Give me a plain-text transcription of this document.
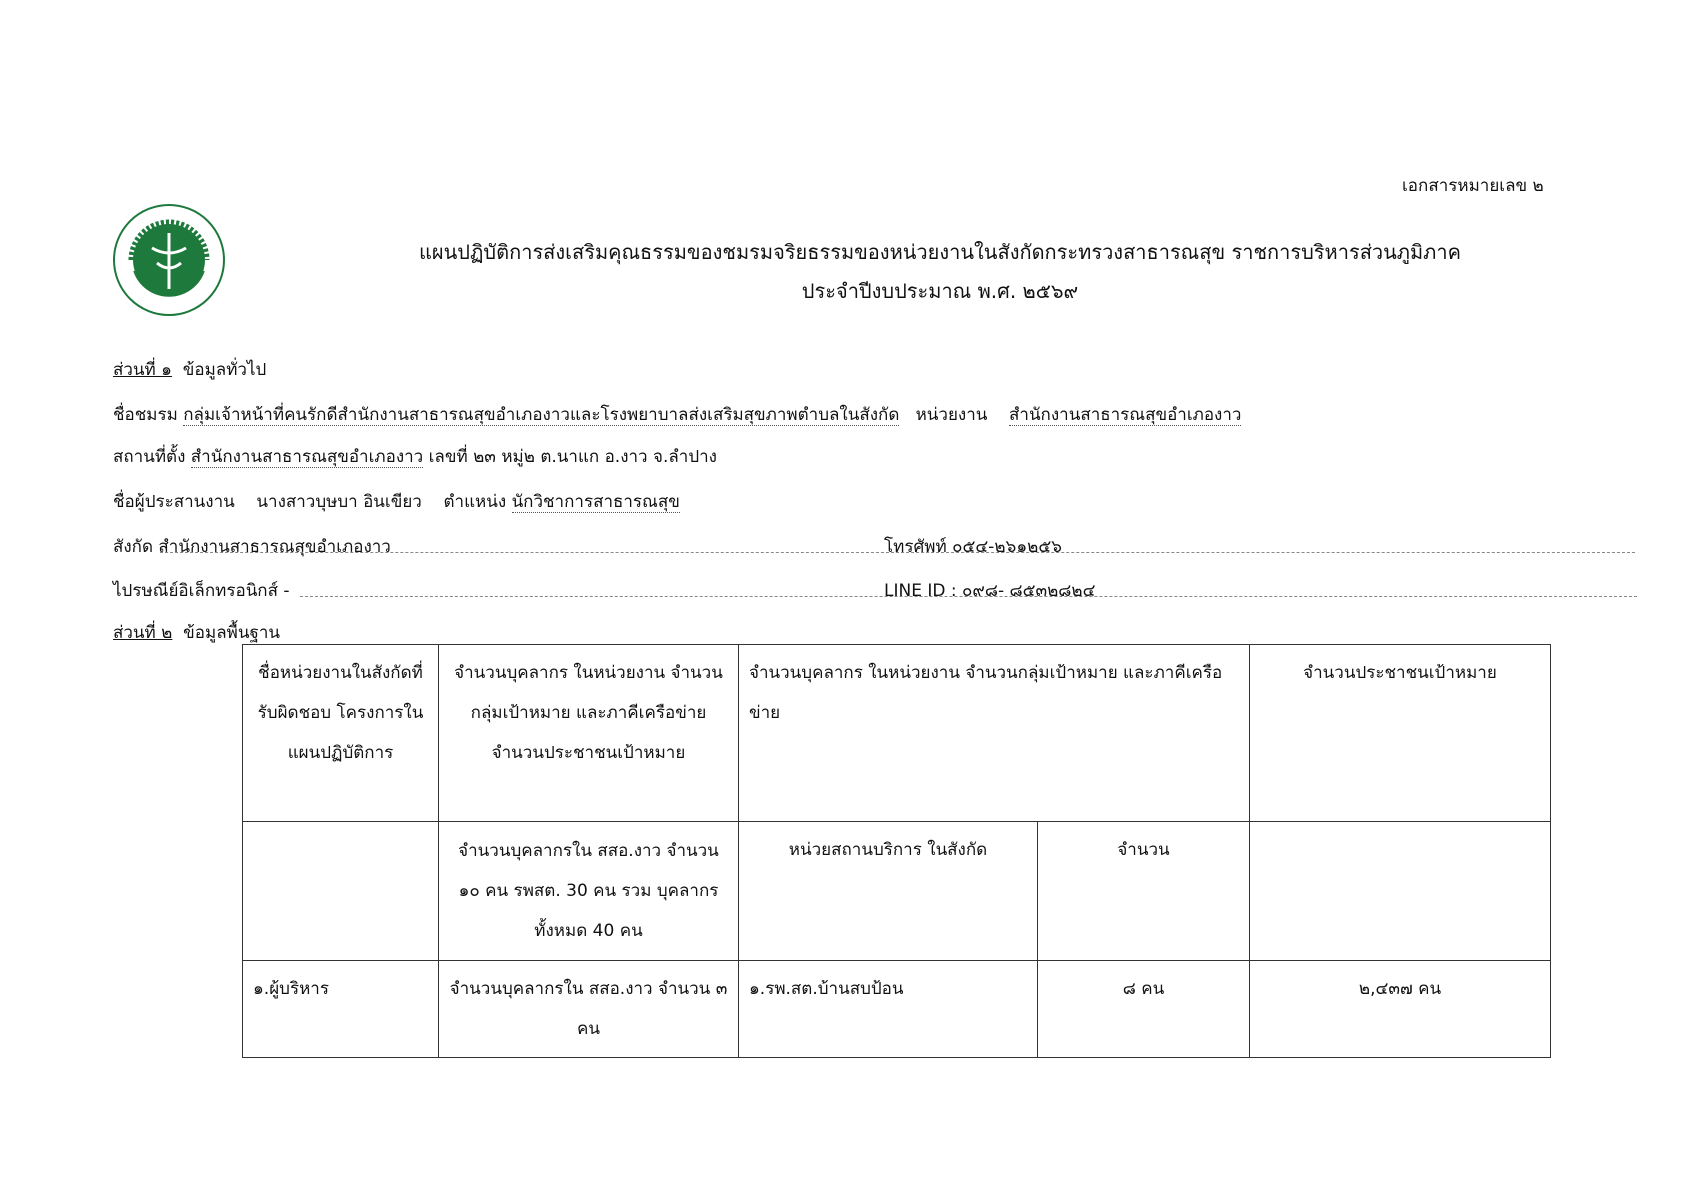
เอกสารหมายเลข ๒
แผนปฏิบัติการส่งเสริมคุณธรรมของชมรมจริยธรรมของหน่วยงานในสังกัดกระทรวงสาธารณสุข ราชการบริหารส่วนภูมิภาค
ประจำปีงบประมาณ พ.ศ. ๒๕๖๙
ส่วนที่ ๑ ข้อมูลทั่วไป
ชื่อชมรม กลุ่มเจ้าหน้าที่คนรักดีสำนักงานสาธารณสุขอำเภองาวและโรงพยาบาลส่งเสริมสุขภาพตำบลในสังกัด หน่วยงาน สำนักงานสาธารณสุขอำเภองาว
สถานที่ตั้ง สำนักงานสาธารณสุขอำเภองาว เลขที่ ๒๓ หมู่๒ ต.นาแก อ.งาว จ.ลำปาง
ชื่อผู้ประสานงาน นางสาวบุษบา อินเขียว ตำแหน่ง นักวิชาการสาธารณสุข
สังกัด สำนักงานสาธารณสุขอำเภองาว	โทรศัพท์ ๐๕๔-๒๖๑๒๕๖
ไปรษณีย์อิเล็กทรอนิกส์ -	LINE ID : ๐๙๘- ๘๕๓๒๘๒๔
ส่วนที่ ๒ ข้อมูลพื้นฐาน
ชื่อหน่วยงานในสังกัดที่รับผิดชอบ โครงการในแผนปฏิบัติการ	จำนวนบุคลากร ในหน่วยงาน จำนวนกลุ่มเป้าหมาย และภาคีเครือข่าย จำนวนประชาชนเป้าหมาย	จำนวนบุคลากร ในหน่วยงาน จำนวนกลุ่มเป้าหมาย และภาคีเครือข่าย		จำนวนประชาชนเป้าหมาย
	จำนวนบุคลากรใน สสอ.งาว จำนวน ๑๐ คน รพสต. 30 คน รวม บุคลากร ทั้งหมด 40 คน	หน่วยสถานบริการ ในสังกัด	จำนวน	
๑.ผู้บริหาร	จำนวนบุคลากรใน สสอ.งาว จำนวน ๓ คน	๑.รพ.สต.บ้านสบป้อน	๘ คน	๒,๔๓๗ คน
